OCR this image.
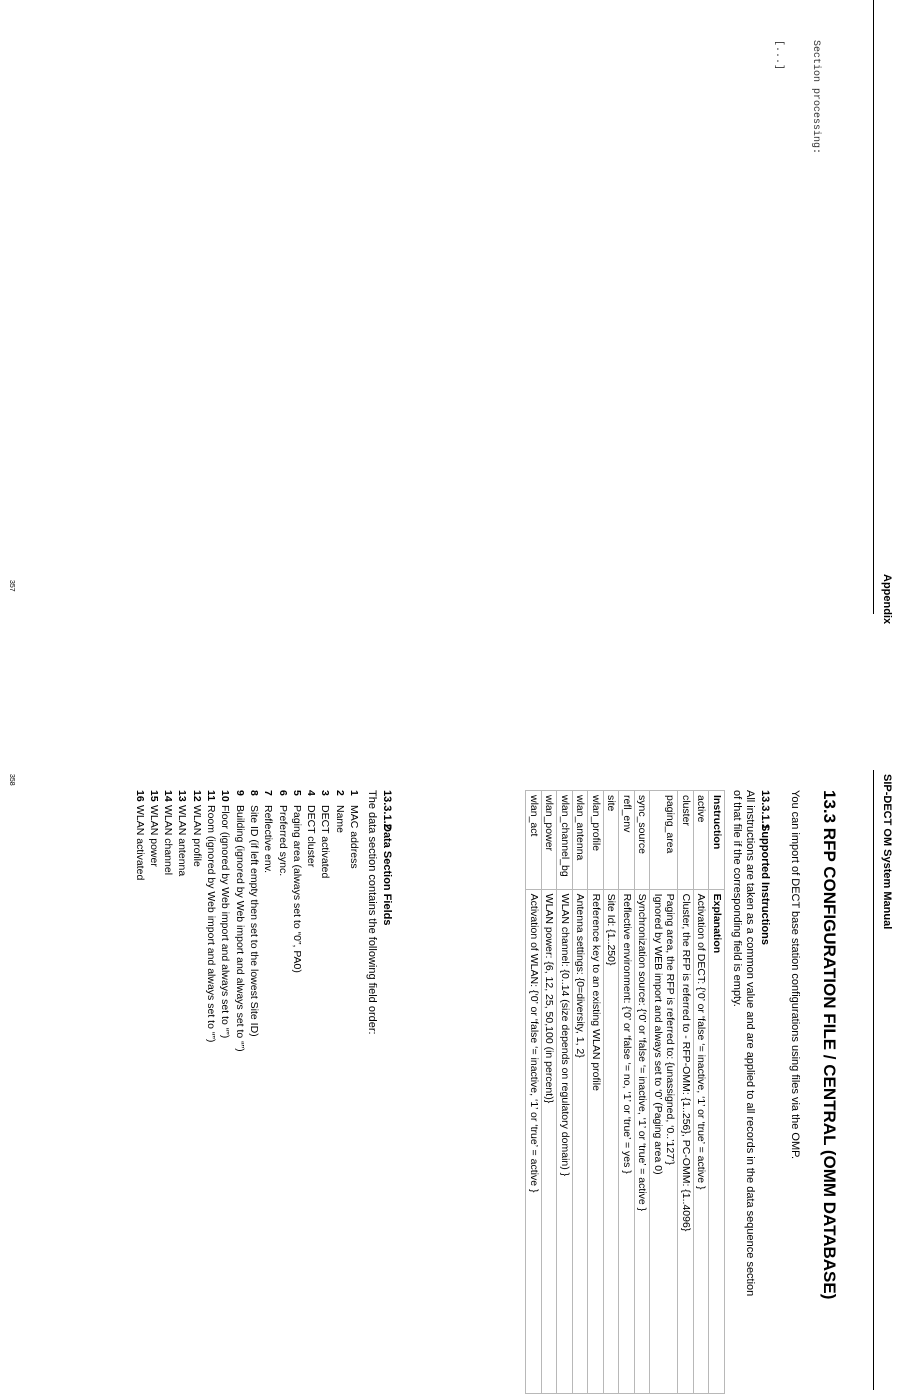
Appendix
Section processing:
[...]
357
SIP-DECT OM System Manual
13.3 RFP CONFIGURATION FILE / CENTRAL (OMM DATABASE)

You can import of DECT base station configurations using files via the OMP.

13.3.1.1Supported Instructions

All instructions are taken as a common value and are applied to all records in the data sequence section
of that file if the corresponding field is empty.

Instruction	Explanation
active	Activation of DECT: {‘0’ or ‘false ‘= inactive, ‘1’ or ‘true’ = active }
cluster	Cluster, the RFP is referred to - RFP-OMM: {1..256}, PC-OMM: {1..4096}
paging_area	Paging area, the RFP is referred to: {unassigned, ‘0..’127’}
Ignored by WEB import and always set to ‘0’ (Paging area 0)
sync_source	Synchronization source: {‘0’ or ‘false ‘= inactive, ‘1’ or ‘true’ = active }
refl_env	Reflective environment: {‘0’ or ‘false ‘= no, ‘1’ or ‘true’ = yes }
site	Site Id: {1..250}
wlan_profile	Reference key to an existing WLAN profile
wlan_antenna	Antenna settings: {0=diversity, 1, 2}
wlan_channel_bg	WLAN channel: {0..14 (size depends on regulatory domain) }
wlan_power	WLAN power: {6, 12, 25, 50,100 (in percent)}
wlan_act	Activation of WLAN: {‘0’ or ‘false ‘= inactive, ‘1’ or ‘true’ = active }
13.3.1.2Data Section Fields

The data section contains the following field order:

1MAC address
2Name
3DECT activated
4DECT cluster
5Paging area (always set to “0”, PA0)
6Preferred sync.
7Reflective env.
8Site ID (if left empty then set to the lowest Site ID)
9Building (ignored by Web import and always set to “”)
10Floor (ignored by Web import and always set to “”)
11Room (ignored by Web import and always set to “”)
12WLAN profile
13WLAN antenna
14WLAN channel
15WLAN power
16WLAN activated
358
